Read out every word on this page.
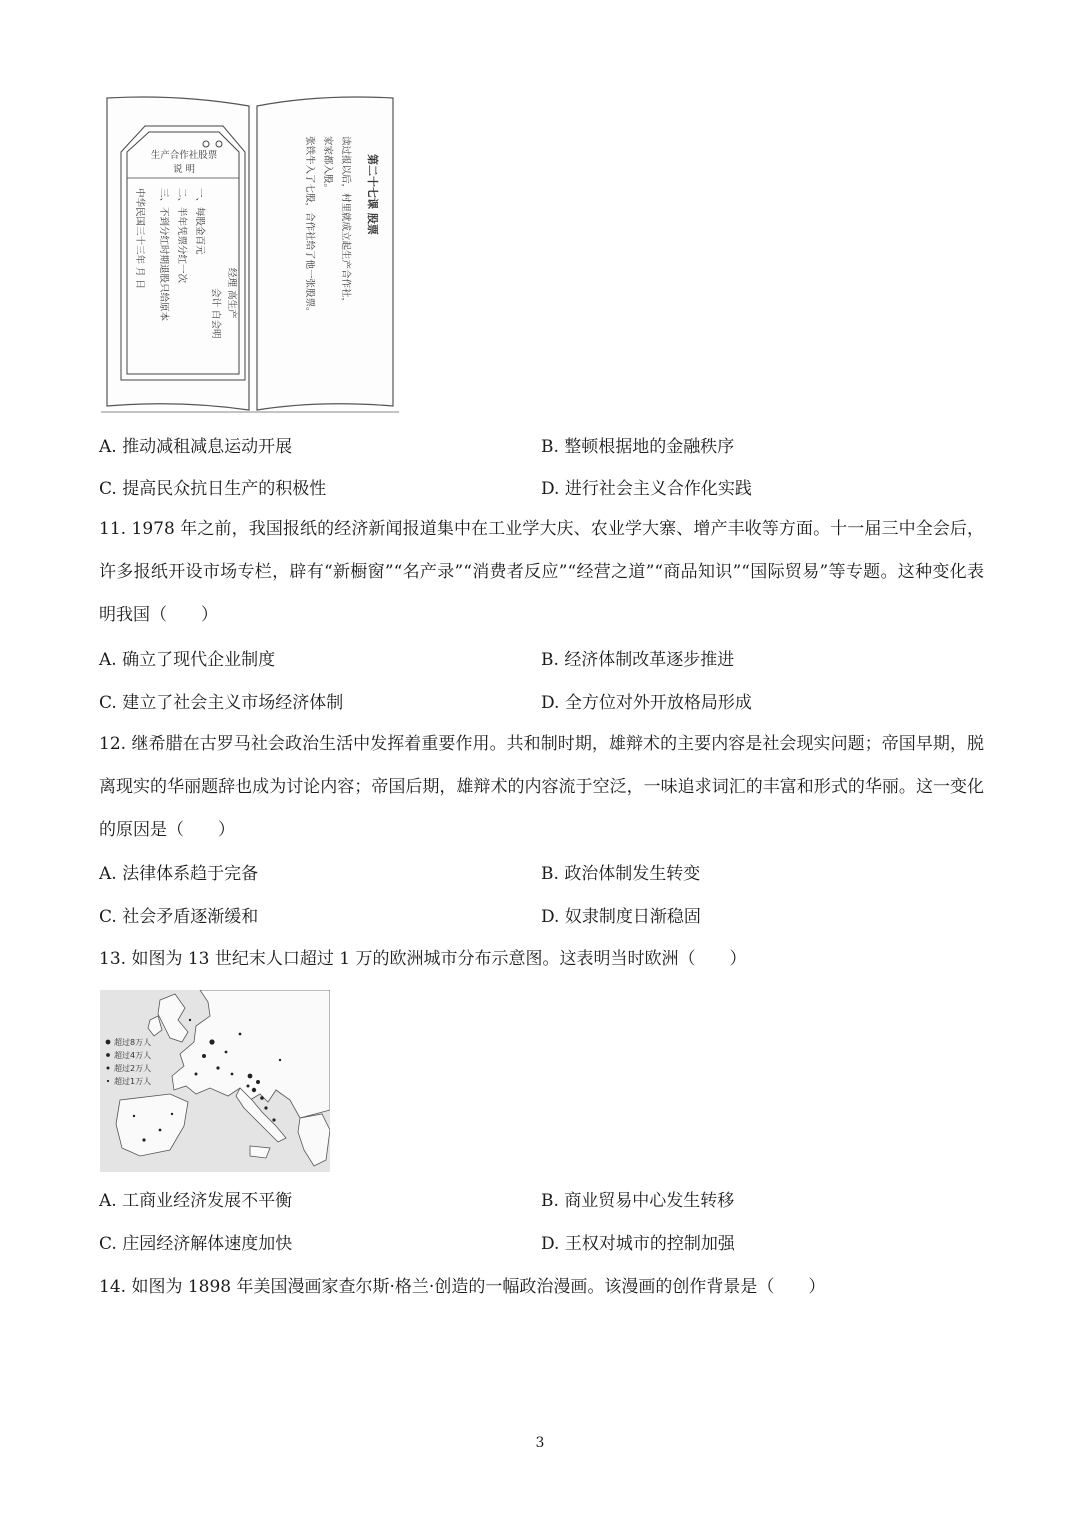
生产合作社股票
说 明
经理 高生产
会计 白会明
一、每股金百元
二、半年凭票分红一次
三、不到分红时期退股只给原本
中华民国三十三年 月 日	第二十七课 股票
读过报以后，村里就成立起生产合作社，
家家都入股。
张铁牛入了七股，合作社给了他一张股票。
A. 推动减租减息运动开展	B. 整顿根据地的金融秩序
C. 提高民众抗日生产的积极性	D. 进行社会主义合作化实践
11. 1978 年之前，我国报纸的经济新闻报道集中在工业学大庆、农业学大寨、增产丰收等方面。十一届三中全会后，许多报纸开设市场专栏，辟有“新橱窗”“名产录”“消费者反应”“经营之道”“商品知识”“国际贸易”等专题。这种变化表明我国（　　）
A. 确立了现代企业制度	B. 经济体制改革逐步推进
C. 建立了社会主义市场经济体制	D. 全方位对外开放格局形成
12. 继希腊在古罗马社会政治生活中发挥着重要作用。共和制时期，雄辩术的主要内容是社会现实问题；帝国早期，脱离现实的华丽题辞也成为讨论内容；帝国后期，雄辩术的内容流于空泛，一味追求词汇的丰富和形式的华丽。这一变化的原因是（　　）
A. 法律体系趋于完备	B. 政治体制发生转变
C. 社会矛盾逐渐缓和	D. 奴隶制度日渐稳固
13. 如图为 13 世纪末人口超过 1 万的欧洲城市分布示意图。这表明当时欧洲（　　）
超过8万人
超过4万人
超过2万人
超过1万人
A. 工商业经济发展不平衡	B. 商业贸易中心发生转移
C. 庄园经济解体速度加快	D. 王权对城市的控制加强
14. 如图为 1898 年美国漫画家查尔斯·格兰·创造的一幅政治漫画。该漫画的创作背景是（　　）
3
